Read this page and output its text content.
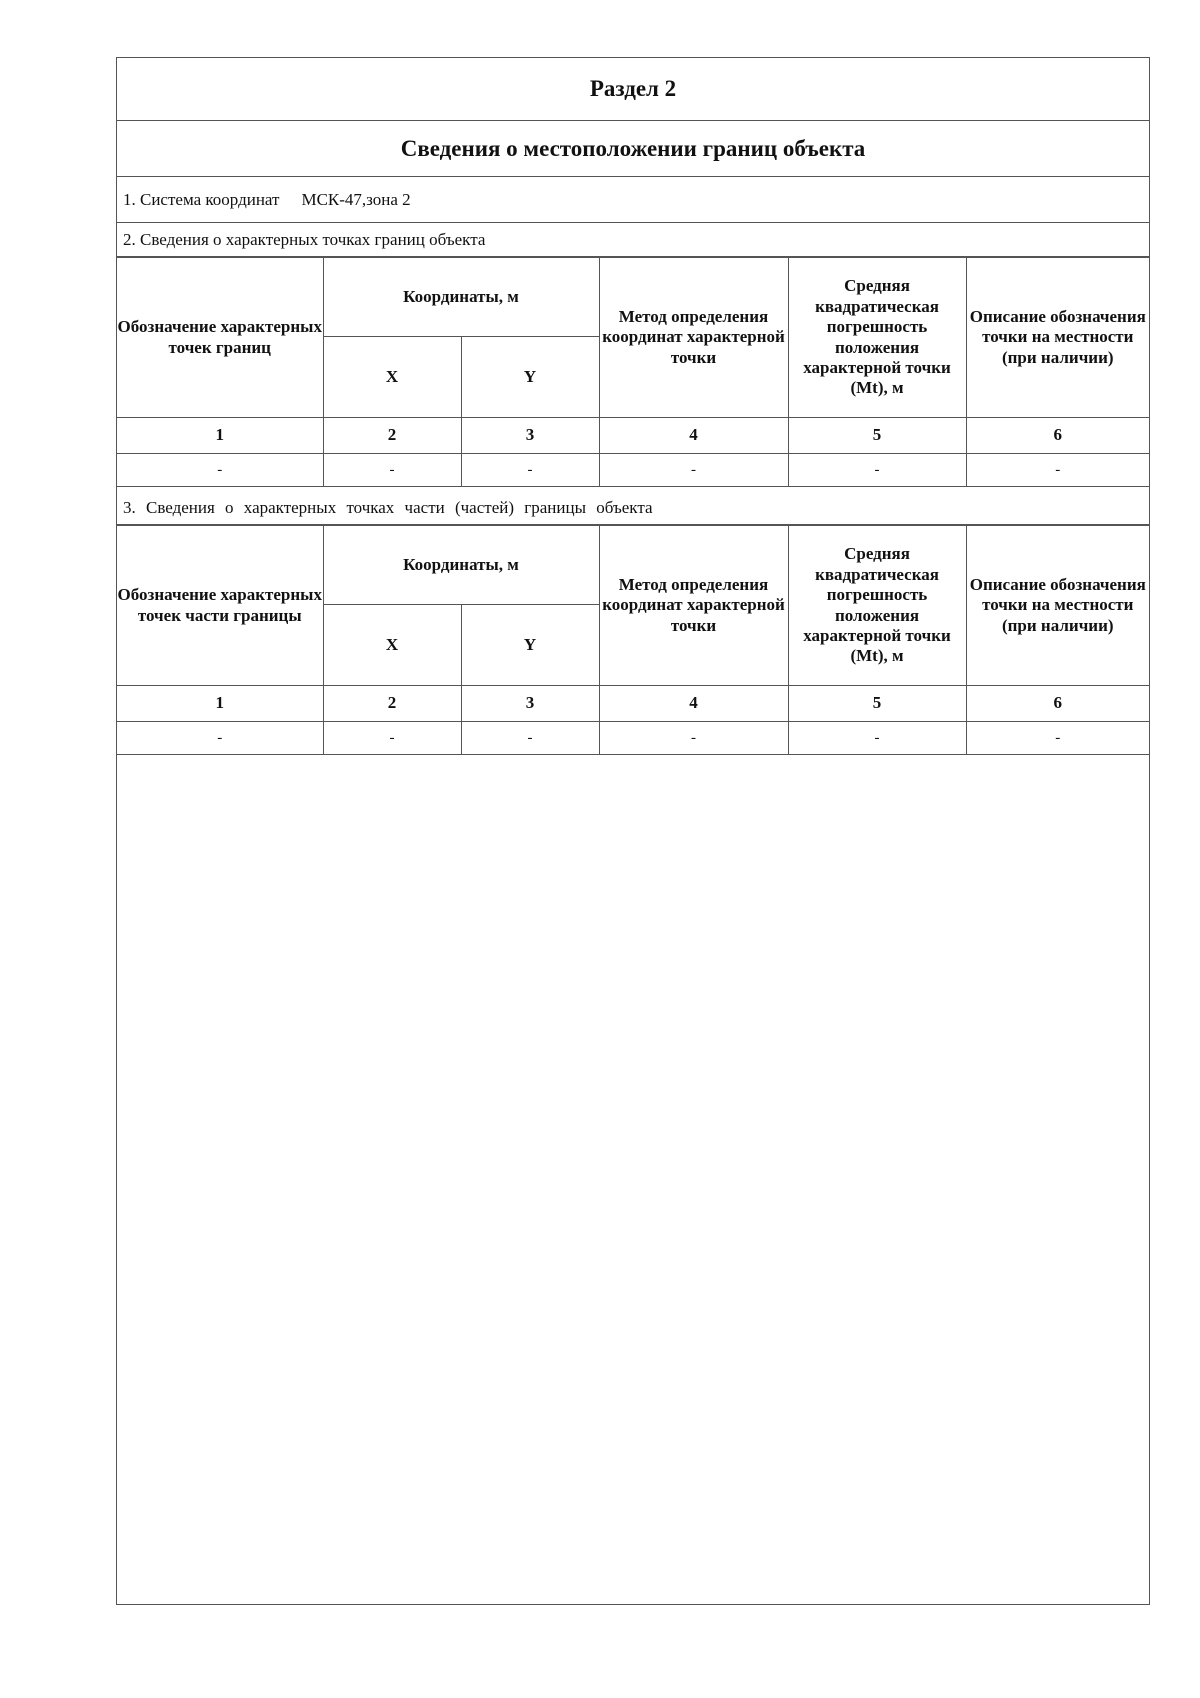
Раздел 2
Сведения о местоположении границ объекта
1. Система координат МСК-47,зона 2
2. Сведения о характерных точках границ объекта
Обозначение характерных точек границ	Координаты, м		Метод определения координат характерной точки	Средняя квадратическая погрешность положения характерной точки (Mt), м	Описание обозначения точки на местности (при наличии)
	X	Y			
1	2	3	4	5	6
-	-	-	-	-	-
3. Сведения о характерных точках части (частей) границы объекта
Обозначение характерных точек части границы	Координаты, м		Метод определения координат характерной точки	Средняя квадратическая погрешность положения характерной точки (Mt), м	Описание обозначения точки на местности (при наличии)
	X	Y			
1	2	3	4	5	6
-	-	-	-	-	-
